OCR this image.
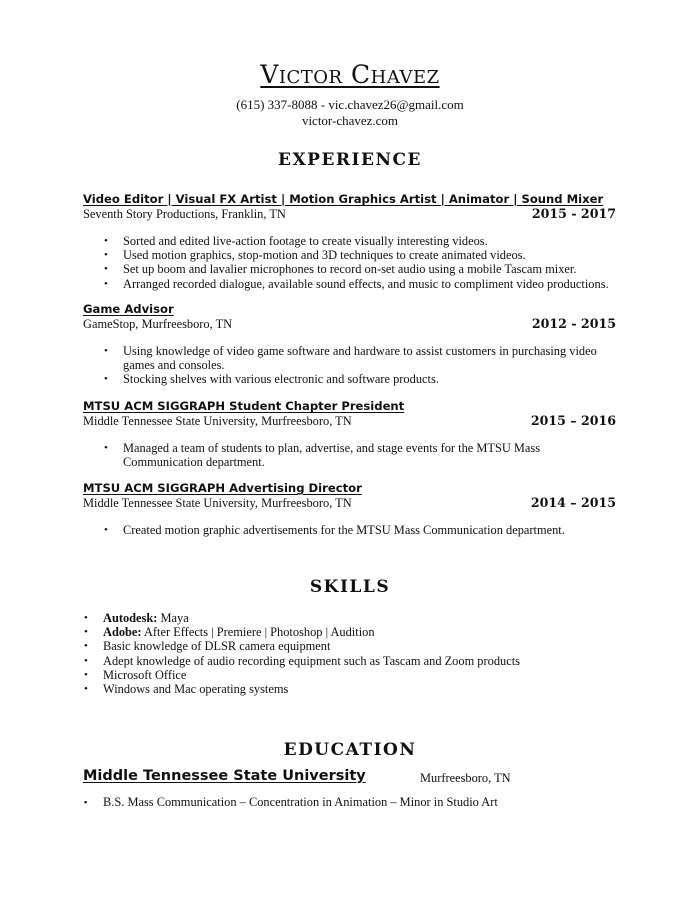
Victor Chavez
(615) 337-8088 - vic.chavez26@gmail.com
victor-chavez.com
EXPERIENCE
Video Editor | Visual FX Artist | Motion Graphics Artist | Animator | Sound Mixer
Seventh Story Productions, Franklin, TN	2015 - 2017
• Sorted and edited live-action footage to create visually interesting videos.
• Used motion graphics, stop-motion and 3D techniques to create animated videos.
• Set up boom and lavalier microphones to record on-set audio using a mobile Tascam mixer.
• Arranged recorded dialogue, available sound effects, and music to compliment video productions.
Game Advisor
GameStop, Murfreesboro, TN	2012 - 2015
• Using knowledge of video game software and hardware to assist customers in purchasing video games and consoles.
• Stocking shelves with various electronic and software products.
MTSU ACM SIGGRAPH Student Chapter President
Middle Tennessee State University, Murfreesboro, TN	2015 – 2016
• Managed a team of students to plan, advertise, and stage events for the MTSU Mass Communication department.
MTSU ACM SIGGRAPH Advertising Director
Middle Tennessee State University, Murfreesboro, TN	2014 – 2015
• Created motion graphic advertisements for the MTSU Mass Communication department.
SKILLS
• Autodesk: Maya
• Adobe: After Effects | Premiere | Photoshop | Audition
• Basic knowledge of DLSR camera equipment
• Adept knowledge of audio recording equipment such as Tascam and Zoom products
• Microsoft Office
• Windows and Mac operating systems
EDUCATION
Middle Tennessee State University	Murfreesboro, TN
▪ B.S. Mass Communication – Concentration in Animation – Minor in Studio Art
